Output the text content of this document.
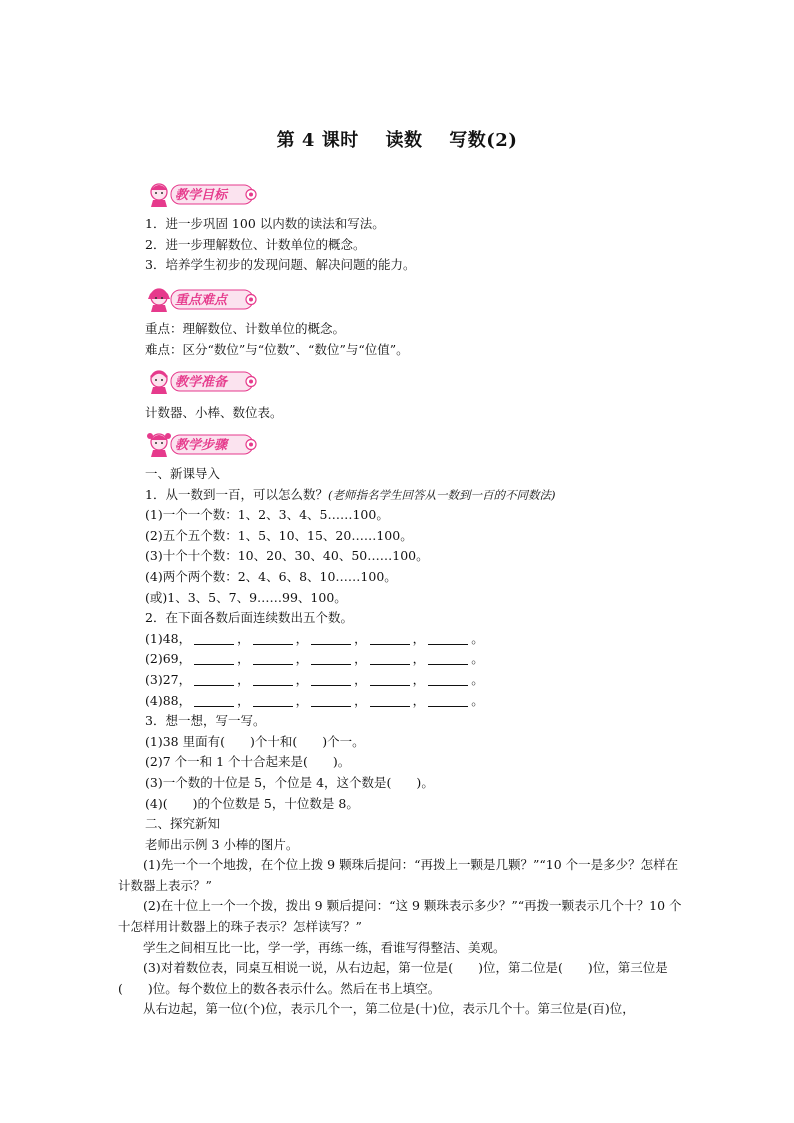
第 4 课时 读数 写数(2)
教学目标
1．进一步巩固 100 以内数的读法和写法。
2．进一步理解数位、计数单位的概念。
3．培养学生初步的发现问题、解决问题的能力。
重点难点
重点：理解数位、计数单位的概念。
难点：区分“数位”与“位数”、“数位”与“位值”。
教学准备
计数器、小棒、数位表。
教学步骤
一、新课导入
1．从一数到一百，可以怎么数？(老师指名学生回答从一数到一百的不同数法)
(1)一个一个数：1、2、3、4、5……100。
(2)五个五个数：1、5、10、15、20……100。
(3)十个十个数：10、20、30、40、50……100。
(4)两个两个数：2、4、6、8、10……100。
(或)1、3、5、7、9……99、100。
2．在下面各数后面连续数出五个数。
(1)48，	，	，	，	，	。
(2)69，	，	，	，	，	。
(3)27，	，	，	，	，	。
(4)88，	，	，	，	，	。
3．想一想，写一写。
(1)38 里面有(　　)个十和(　　)个一。
(2)7 个一和 1 个十合起来是(　　)。
(3)一个数的十位是 5，个位是 4，这个数是(　　)。
(4)(　　)的个位数是 5，十位数是 8。
二、探究新知
老师出示例 3 小棒的图片。
(1)先一个一个地拨，在个位上拨 9 颗珠后提问：“再拨上一颗是几颗？”“10 个一是多少？怎样在计数器上表示？”
(2)在十位上一个一个拨，拨出 9 颗后提问：“这 9 颗珠表示多少？”“再拨一颗表示几个十？10 个十怎样用计数器上的珠子表示？怎样读写？”
学生之间相互比一比，学一学，再练一练，看谁写得整洁、美观。
(3)对着数位表，同桌互相说一说，从右边起，第一位是(　　)位，第二位是(　　)位，第三位是(　　)位。每个数位上的数各表示什么。然后在书上填空。
从右边起，第一位(个)位，表示几个一，第二位是(十)位，表示几个十。第三位是(百)位，
